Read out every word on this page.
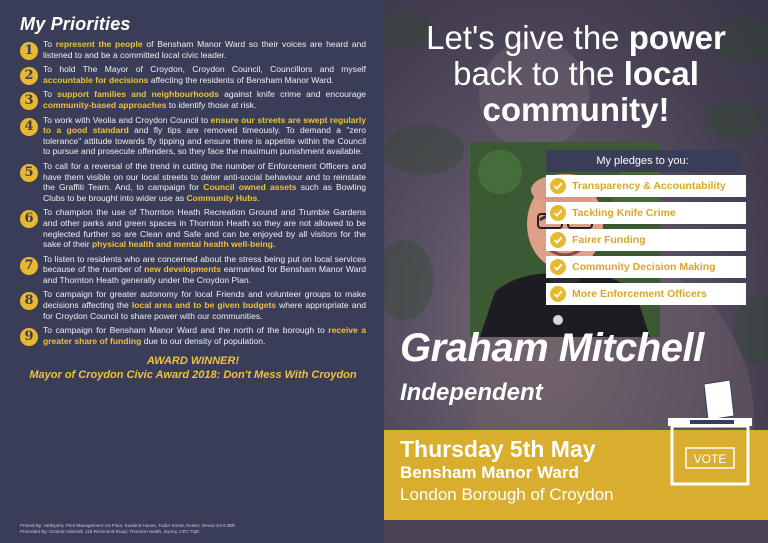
My Priorities
1	To represent the people of Bensham Manor Ward so their voices are heard and listened to and be a committed local civic leader.
2	To hold The Mayor of Croydon, Croydon Council, Councillors and myself accountable for decisions affecting the residents of Bensham Manor Ward.
3	To support families and neighbourhoods against knife crime and encourage community-based approaches to identify those at risk.
4	To work with Veolia and Croydon Council to ensure our streets are swept regularly to a good standard and fly tips are removed timeously. To demand a "zero tolerance" attitude towards fly tipping and ensure there is appetite within the Council to pursue and prosecute offenders, so they face the maximum punishment available.
5	To call for a reversal of the trend in cutting the number of Enforcement Officers and have them visible on our local streets to deter anti-social behaviour and to reinstate the Graffiti Team. And, to campaign for Council owned assets such as Bowling Clubs to be brought into wider use as Community Hubs.
6	To champion the use of Thornton Heath Recreation Ground and Trumble Gardens and other parks and green spaces in Thornton Heath so they are not allowed to be neglected further so are Clean and Safe and can be enjoyed by all visitors for the sake of their physical health and mental health well-being.
7	To listen to residents who are concerned about the stress being put on local services because of the number of new developments earmarked for Bensham Manor Ward and Thornton Heath generally under the Croydon Plan.
8	To campaign for greater autonomy for local Friends and volunteer groups to make decisions affecting the local area and to be given budgets where appropriate and for Croydon Council to share power with our communities.
9	To campaign for Bensham Manor Ward and the north of the borough to receive a greater share of funding due to our density of population.
AWARD WINNER!
Mayor of Croydon Civic Award 2018: Don't Mess With Croydon
Printed By: Helloprint, Print Management 1st Floor, Exeland House, Tudor Street, Exeter, Devon EX4 3BR
Promoted By: Graham Mitchell, 118 Richmond Road, Thornton Heath, Surrey, CR7 7QD
Let's give the power
back to the local
community!
My pledges to you:
Transparency & Accountability
Tackling Knife Crime
Fairer Funding
Community Decision Making
More Enforcement Officers
Graham Mitchell
Independent
Thursday 5th May
Bensham Manor Ward
London Borough of Croydon
VOTE
